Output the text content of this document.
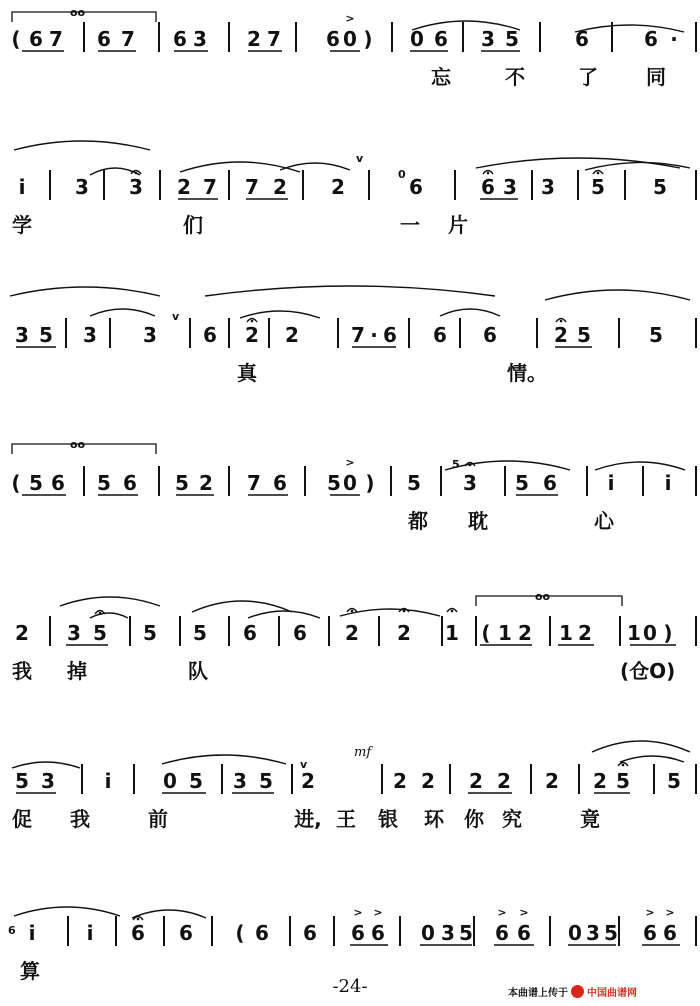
( 6 7 6 7 6 3 2 7 6 0 ) 0 6 3 5	6	6 ·
忘	不	了 同
i 3 3 2 7 7 2 2	6	6 3 3 5 5
学	们	一 片
3 5 3 3 6 2 2	7 · 6 6 6	2 5	5
真	情。
( 5 6 5 6 5 2 7 6 5 0 ) 5 3 5 6	i	i
都 耽	心
2 3 5 5 5 6 6 2 2 1 ( 1 2 1 2 1 0 )
我 掉	队
5 3 i	0 5 3 5 2	2 2 2 2 2 2 5 5
促 我	前	进, 王 银 环 你 究	竟
i	i 6 6 ( 6 6 6 6 0 3 5 6 6 0 3 5 6 6
算
oo
oo
oo
>
>
> >	> >	> >
v
v
v
0
5
6
mf
(仓O)
-24-	本曲谱上传于 中国曲谱网
